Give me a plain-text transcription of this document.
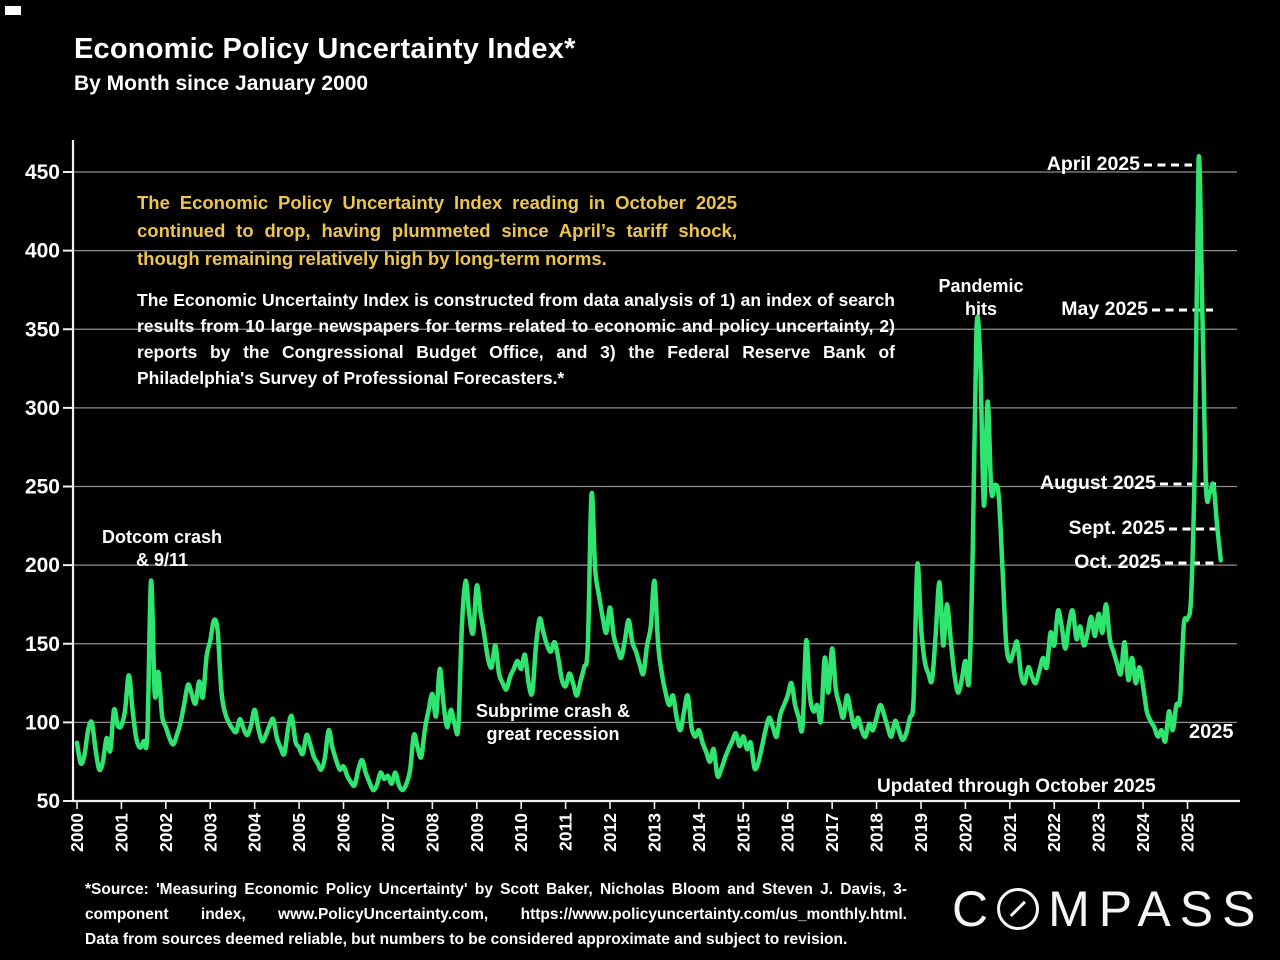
Economic Policy Uncertainty Index*
By Month since January 2000
50
100
150
200
250
300
350
400
450
2000 2001 2002 2003 2004 2005 2006 2007 2008 2009 2010 2011 2012 2013 2014 2015 2016 2017 2018 2019 2020 2021 2022 2023 2024 2025
The Economic Policy Uncertainty Index reading in October 2025 continued to drop, having plummeted since April’s tariff shock, though remaining relatively high by long-term norms.
The Economic Uncertainty Index is constructed from data analysis of 1) an index of search results from 10 large newspapers for terms related to economic and policy uncertainty, 2) reports by the Congressional Budget Office, and 3) the Federal Reserve Bank of Philadelphia's Survey of Professional Forecasters.*
April 2025
May 2025
August 2025
Sept. 2025
Oct. 2025
Dotcom crash
& 9/11
Pandemic
hits
Subprime crash &
great recession	2025
Updated through October 2025
*Source: 'Measuring Economic Policy Uncertainty' by Scott Baker, Nicholas Bloom and Steven J. Davis, 3-
component index, www.PolicyUncertainty.com, https://www.policyuncertainty.com/us_monthly.html.
Data from sources deemed reliable, but numbers to be considered approximate and subject to revision.
C MPASS
